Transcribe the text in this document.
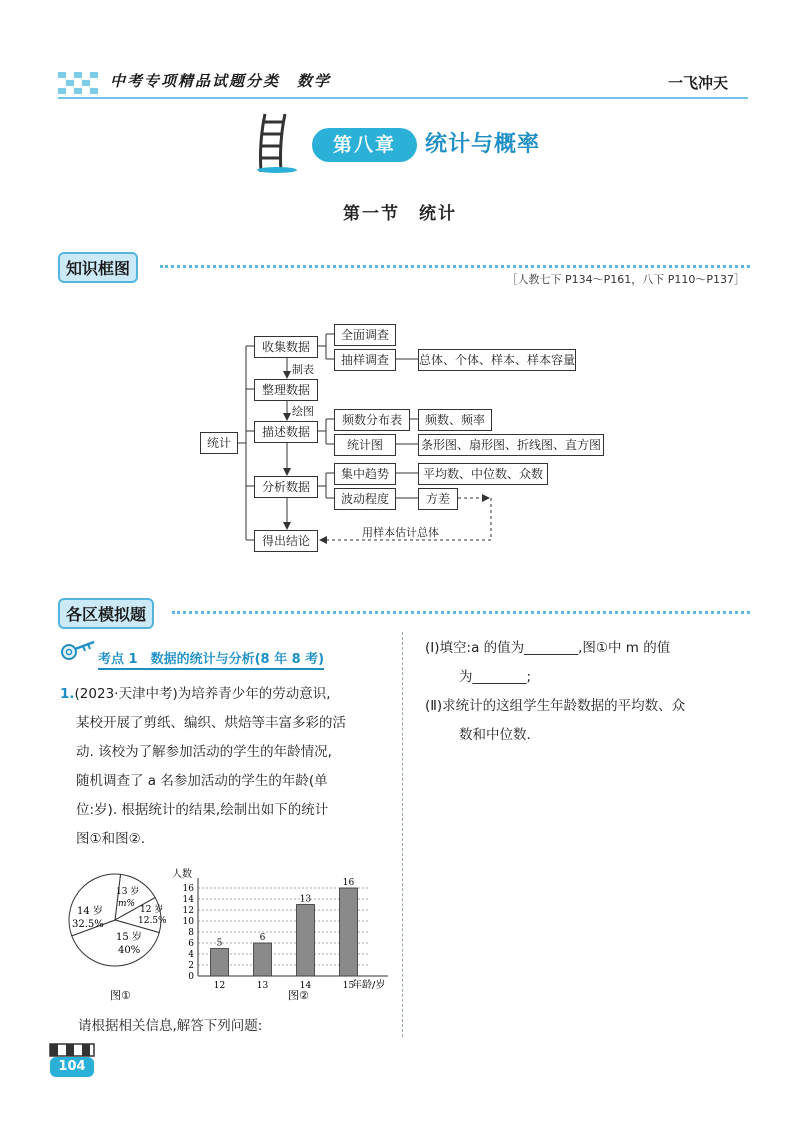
中考专项精品试题分类　数学	一飞冲天
第八章	统计与概率
第一节　统计
知识框图
［人教七下 P134～P161，八下 P110～P137］
统计
收集数据
整理数据
描述数据
分析数据
得出结论
制表
绘图
用样本估计总体
全面调查
抽样调查	总体、个体、样本、样本容量
频数分布表	频数、频率
统计图	条形图、扇形图、折线图、直方图
集中趋势	平均数、中位数、众数
波动程度	方差
各区模拟题
考点 1　数据的统计与分析(8 年 8 考)
1.(2023·天津中考)为培养青少年的劳动意识,
某校开展了剪纸、编织、烘焙等丰富多彩的活
动. 该校为了解参加活动的学生的年龄情况,
随机调查了 a 名参加活动的学生的年龄(单
位:岁). 根据统计的结果,绘制出如下的统计
图①和图②.
14 岁
32.5%
15 岁
40%
13 岁
m%
12 岁
12.5%
图①
0
2
4
6
8
10
12
14
16
5
12
6
13
13
14
16
15
人数
年龄/岁
图②
请根据相关信息,解答下列问题:
(Ⅰ)填空:a 的值为________,图①中 m 的值
为________;
(Ⅱ)求统计的这组学生年龄数据的平均数、众
数和中位数.
104
